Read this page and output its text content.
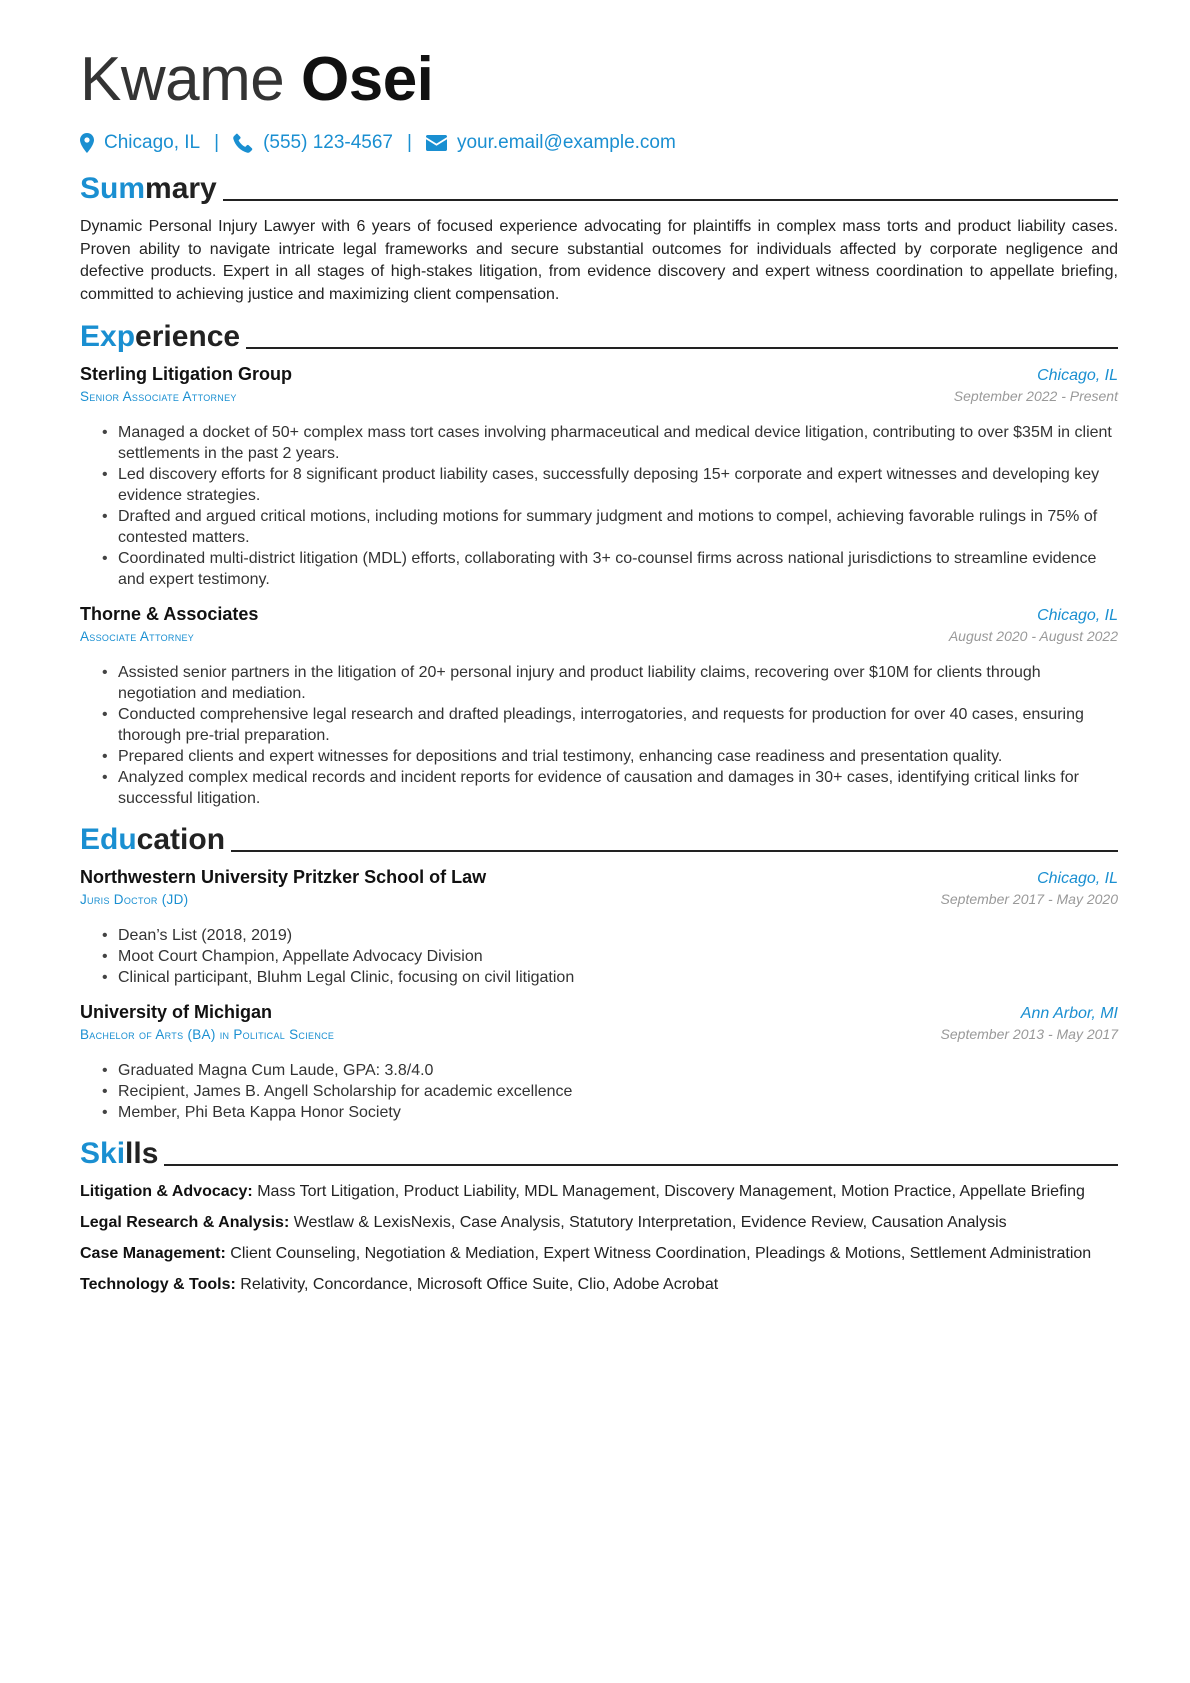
Kwame Osei
Chicago, IL | (555) 123-4567 | your.email@example.com
Summary

Dynamic Personal Injury Lawyer with 6 years of focused experience advocating for plaintiffs in complex mass torts and product liability cases. Proven ability to navigate intricate legal frameworks and secure substantial outcomes for individuals affected by corporate negligence and defective products. Expert in all stages of high-stakes litigation, from evidence discovery and expert witness coordination to appellate briefing, committed to achieving justice and maximizing client compensation.

Experience
Sterling Litigation Group	Chicago, IL
Senior Associate Attorney	September 2022 - Present
• Managed a docket of 50+ complex mass tort cases involving pharmaceutical and medical device litigation, contributing to over $35M in client settlements in the past 2 years.
• Led discovery efforts for 8 significant product liability cases, successfully deposing 15+ corporate and expert witnesses and developing key evidence strategies.
• Drafted and argued critical motions, including motions for summary judgment and motions to compel, achieving favorable rulings in 75% of contested matters.
• Coordinated multi-district litigation (MDL) efforts, collaborating with 3+ co-counsel firms across national jurisdictions to streamline evidence and expert testimony.
Thorne & Associates	Chicago, IL
Associate Attorney	August 2020 - August 2022
• Assisted senior partners in the litigation of 20+ personal injury and product liability claims, recovering over $10M for clients through negotiation and mediation.
• Conducted comprehensive legal research and drafted pleadings, interrogatories, and requests for production for over 40 cases, ensuring thorough pre-trial preparation.
• Prepared clients and expert witnesses for depositions and trial testimony, enhancing case readiness and presentation quality.
• Analyzed complex medical records and incident reports for evidence of causation and damages in 30+ cases, identifying critical links for successful litigation.
Education
Northwestern University Pritzker School of Law	Chicago, IL
Juris Doctor (JD)	September 2017 - May 2020
• Dean’s List (2018, 2019)
• Moot Court Champion, Appellate Advocacy Division
• Clinical participant, Bluhm Legal Clinic, focusing on civil litigation
University of Michigan	Ann Arbor, MI
Bachelor of Arts (BA) in Political Science	September 2013 - May 2017
• Graduated Magna Cum Laude, GPA: 3.8/4.0
• Recipient, James B. Angell Scholarship for academic excellence
• Member, Phi Beta Kappa Honor Society
Skills
Litigation & Advocacy: Mass Tort Litigation, Product Liability, MDL Management, Discovery Management, Motion Practice, Appellate Briefing
Legal Research & Analysis: Westlaw & LexisNexis, Case Analysis, Statutory Interpretation, Evidence Review, Causation Analysis
Case Management: Client Counseling, Negotiation & Mediation, Expert Witness Coordination, Pleadings & Motions, Settlement Administration
Technology & Tools: Relativity, Concordance, Microsoft Office Suite, Clio, Adobe Acrobat
